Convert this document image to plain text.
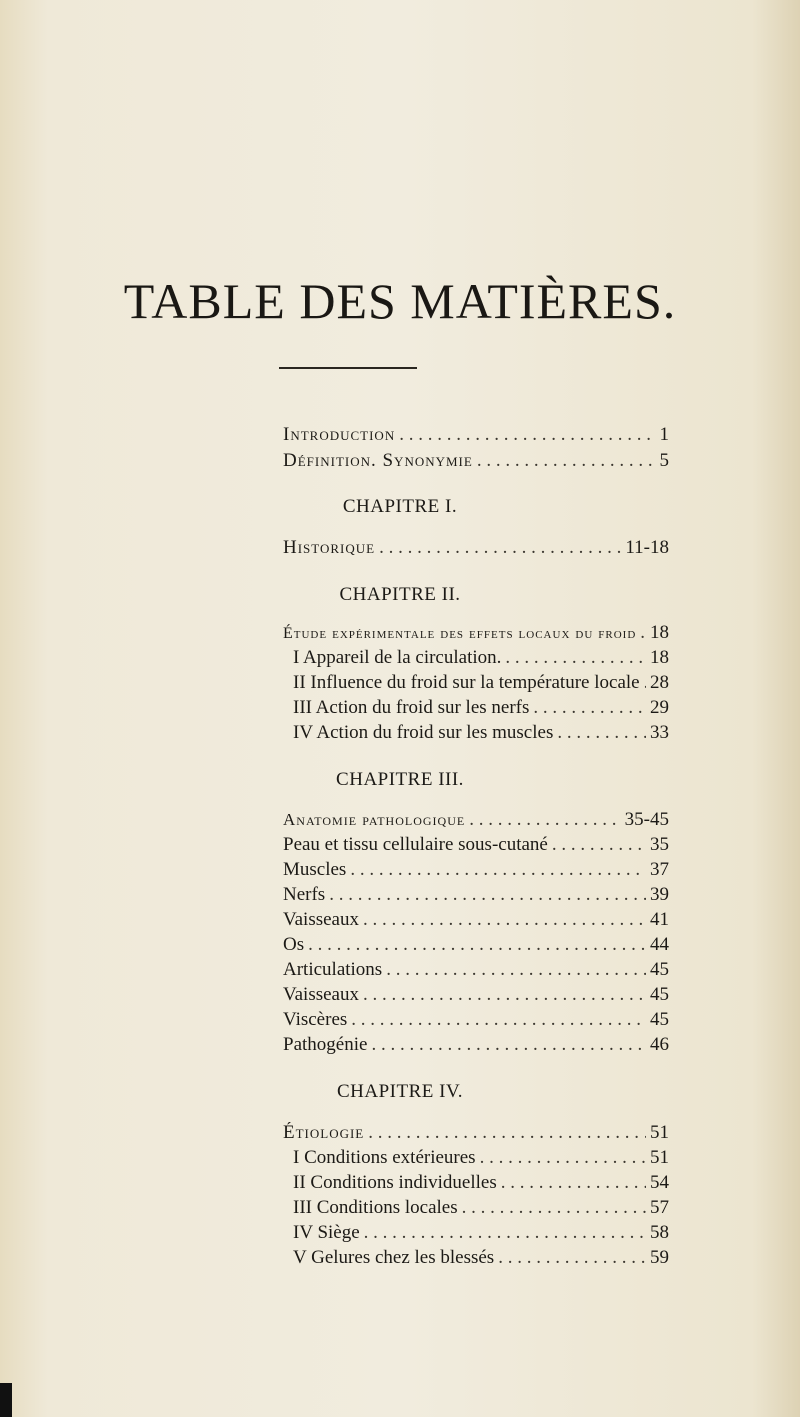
TABLE DES MATIÈRES.
Introduction . . .	1
Définition. Synonymie . . .	5
CHAPITRE I.
Historique . . .	11-18
CHAPITRE II.
Étude expérimentale des effets locaux du froid . . . 18
I Appareil de la circulation. . . .	18
II Influence du froid sur la température locale . . . 28
III Action du froid sur les nerfs . . .	29
IV Action du froid sur les muscles . . .	33
CHAPITRE III.
Anatomie pathologique . . .	35-45
Peau et tissu cellulaire sous-cutané . . .	35
Muscles . . .	37
Nerfs . . .	39
Vaisseaux . . .	41
Os . . .	44
Articulations . . .	45
Vaisseaux . . .	45
Viscères . . .	45
Pathogénie . . .	46
CHAPITRE IV.
Étiologie . . .	51
I Conditions extérieures . . .	51
II Conditions individuelles . . .	54
III Conditions locales . . .	57
IV Siège . . .	58
V Gelures chez les blessés . . .	59
